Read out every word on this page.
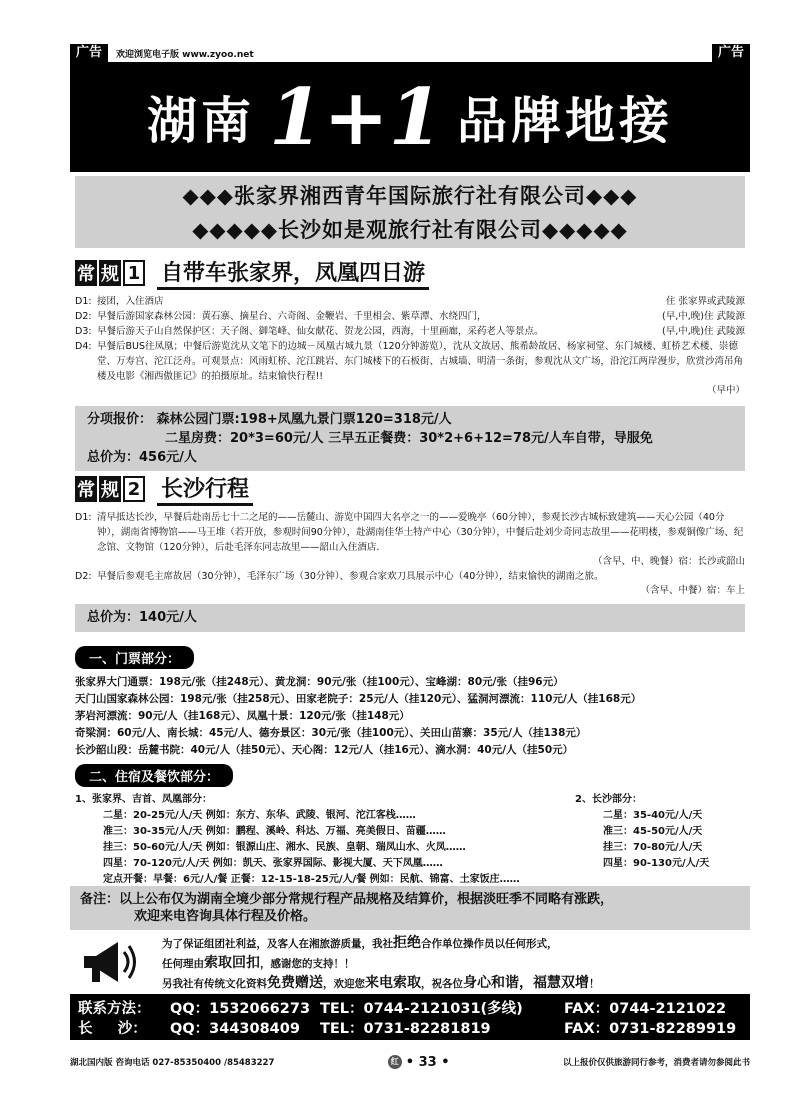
广告	欢迎浏览电子版 www.zyoo.net	广告
湖南 1+1 品牌地接
◆◆◆张家界湘西青年国际旅行社有限公司◆◆◆
◆◆◆◆◆长沙如是观旅行社有限公司◆◆◆◆◆
常 规 1 自带车张家界，凤凰四日游
D1: 接团，入住酒店	住 张家界或武陵源
D2: 早餐后游国家森林公园：黄石寨、摘星台、六奇阁、金鞭岩、千里相会、紫草潭、水绕四门，	(早,中,晚)住 武陵源
D3: 早餐后游天子山自然保护区：天子阁、御笔峰、仙女献花、贺龙公园，西海，十里画廊，采药老人等景点。	(早,中,晚)住 武陵源
D4: 早餐后BUS往凤凰；中餐后游览沈从文笔下的边城－凤凰古城九景（120分钟游览），沈从文故居、熊希龄故居、杨家祠堂、东门城楼、虹桥艺术楼、崇德堂、万寿宫、沱江泛舟。可观景点：风雨虹桥、沱江跳岩、东门城楼下的石板街、古城墙、明清一条街，参观沈从文广场，沿沱江两岸漫步，欣赏沙湾吊角楼及电影《湘西傲匪记》的拍摄原址。结束愉快行程!!
（早中）
分项报价： 森林公园门票:198+凤凰九景门票120=318元/人
二星房费：20*3=60元/人 三早五正餐费：30*2+6+12=78元/人车自带，导服免
总价为：456元/人
常 规 2 长沙行程
D1: 清早抵达长沙，早餐后赴南岳七十二之尾的——岳麓山、游览中国四大名亭之一的——爱晚亭（60分钟），参观长沙古城标致建筑——天心公园（40分钟），湖南省博物馆——马王堆（若开放，参观时间90分钟），赴湖南佳华土特产中心（30分钟），中餐后赴刘少奇同志故里——花明楼，参观铜像广场、纪念馆、文物馆（120分钟），后赴毛泽东同志故里——韶山入住酒店.
（含早、中、晚餐）宿：长沙或韶山
D2: 早餐后参观毛主席故居（30分钟），毛泽东广场（30分钟）、参观合家欢刀具展示中心（40分钟），结束愉快的湖南之旅。
（含早、中餐）宿：车上
总价为：140元/人
一、门票部分：
张家界大门通票：198元/张（挂248元）、黄龙洞：90元/张（挂100元）、宝峰湖：80元/张（挂96元）
天门山国家森林公园：198元/张（挂258元）、田家老院子：25元/人（挂120元）、猛洞河漂流：110元/人（挂168元）
茅岩河漂流：90元/人（挂168元）、凤凰十景：120元/张（挂148元）
奇梁洞：60元/人、南长城：45元/人、德夯景区：30元/张（挂100元）、关田山苗寨：35元/人（挂138元）
长沙韶山段：岳麓书院：40元/人（挂50元）、天心阁：12元/人（挂16元）、滴水洞：40元/人（挂50元）
二、住宿及餐饮部分：
1、张家界、吉首、凤凰部分：	2、长沙部分：
二星：20-25元/人/天 例如：东方、东华、武陵、银河、沱江客栈……	二星：35-40元/人/天
准三：30-35元/人/天 例如：鹏程、溪岭、科达、万福、亮美假日、苗疆……	准三：45-50元/人/天
挂三：50-60元/人/天 例如：银源山庄、湘水、民族、皇朝、瑞凤山水、火凤……	挂三：70-80元/人/天
四星：70-120元/人/天 例如：凯天、张家界国际、影视大厦、天下凤凰……	四星：90-130元/人/天
定点开餐：早餐：6元/人/餐 正餐：12-15-18-25元/人/餐 例如：民航、锦富、土家饭庄……
备注：以上公布仅为湖南全境少部分常规行程产品规格及结算价，根据淡旺季不同略有涨跌，
欢迎来电咨询具体行程及价格。
为了保证组团社利益，及客人在湘旅游质量，我社拒绝合作单位操作员以任何形式，
任何理由索取回扣，感谢您的支持！！
另我社有传统文化资料免费赠送，欢迎您来电索取，祝各位身心和谐，福慧双增！
联系方法：	QQ：1532066273 TEL：0744-2121031(多线)	FAX：0744-2121022
长     沙：	QQ：344308409	TEL：0731-82281819	FAX：0731-82289919
湖北国内版 咨询电话 027-85350400 /85483227	红 • 33 •	以上报价仅供旅游同行参考，消费者请勿参阅此书
